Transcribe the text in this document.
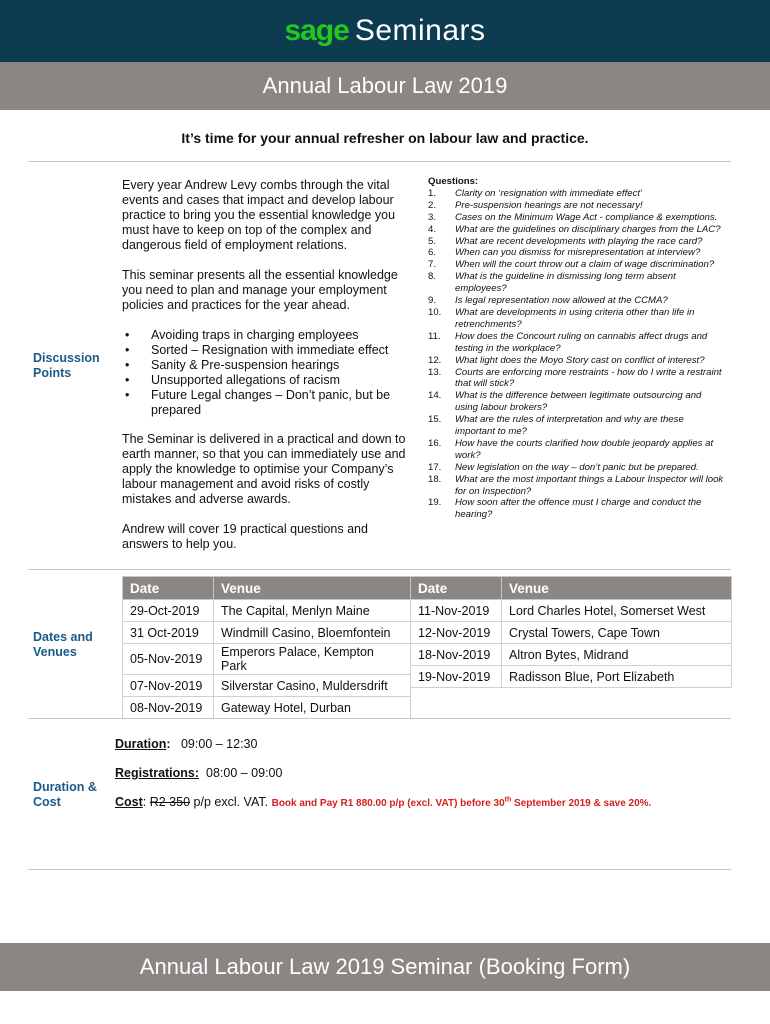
sage Seminars
Annual Labour Law 2019
It’s time for your annual refresher on labour law and practice.
Discussion Points

Every year Andrew Levy combs through the vital events and cases that impact and develop labour practice to bring you the essential knowledge you must have to keep on top of the complex and dangerous field of employment relations.

This seminar presents all the essential knowledge you need to plan and manage your employment policies and practices for the year ahead.

• Avoiding traps in charging employees
• Sorted – Resignation with immediate effect
• Sanity & Pre-suspension hearings
• Unsupported allegations of racism
• Future Legal changes – Don’t panic, but be prepared

The Seminar is delivered in a practical and down to earth manner, so that you can immediately use and apply the knowledge to optimise your Company’s labour management and avoid risks of costly mistakes and adverse awards.

Andrew will cover 19 practical questions and answers to help you.

Questions:
1. Clarity on ‘resignation with immediate effect’
2. Pre-suspension hearings are not necessary!
3. Cases on the Minimum Wage Act - compliance & exemptions.
4. What are the guidelines on disciplinary charges from the LAC?
5. What are recent developments with playing the race card?
6. When can you dismiss for misrepresentation at interview?
7. When will the court throw out a claim of wage discrimination?
8. What is the guideline in dismissing long term absent employees?
9. Is legal representation now allowed at the CCMA?
10. What are developments in using criteria other than life in retrenchments?
11. How does the Concourt ruling on cannabis affect drugs and testing in the workplace?
12. What light does the Moyo Story cast on conflict of interest?
13. Courts are enforcing more restraints - how do I write a restraint that will stick?
14. What is the difference between legitimate outsourcing and using labour brokers?
15. What are the rules of interpretation and why are these important to me?
16. How have the courts clarified how double jeopardy applies at work?
17. New legislation on the way – don’t panic but be prepared.
18. What are the most important things a Labour Inspector will look for on Inspection?
19. How soon after the offence must I charge and conduct the hearing?
Dates and Venues
Date	Venue
29-Oct-2019	The Capital, Menlyn Maine
31 Oct-2019	Windmill Casino, Bloemfontein
05-Nov-2019	Emperors Palace, Kempton Park
07-Nov-2019	Silverstar Casino, Muldersdrift
08-Nov-2019	Gateway Hotel, Durban
Date	Venue
11-Nov-2019	Lord Charles Hotel, Somerset West
12-Nov-2019	Crystal Towers, Cape Town
18-Nov-2019	Altron Bytes, Midrand
19-Nov-2019	Radisson Blue, Port Elizabeth
Duration & Cost
Duration: 09:00 – 12:30
Registrations: 08:00 – 09:00
Cost: R2 350 p/p excl. VAT. Book and Pay R1 880.00 p/p (excl. VAT) before 30th September 2019 & save 20%.
Annual Labour Law 2019 Seminar (Booking Form)
